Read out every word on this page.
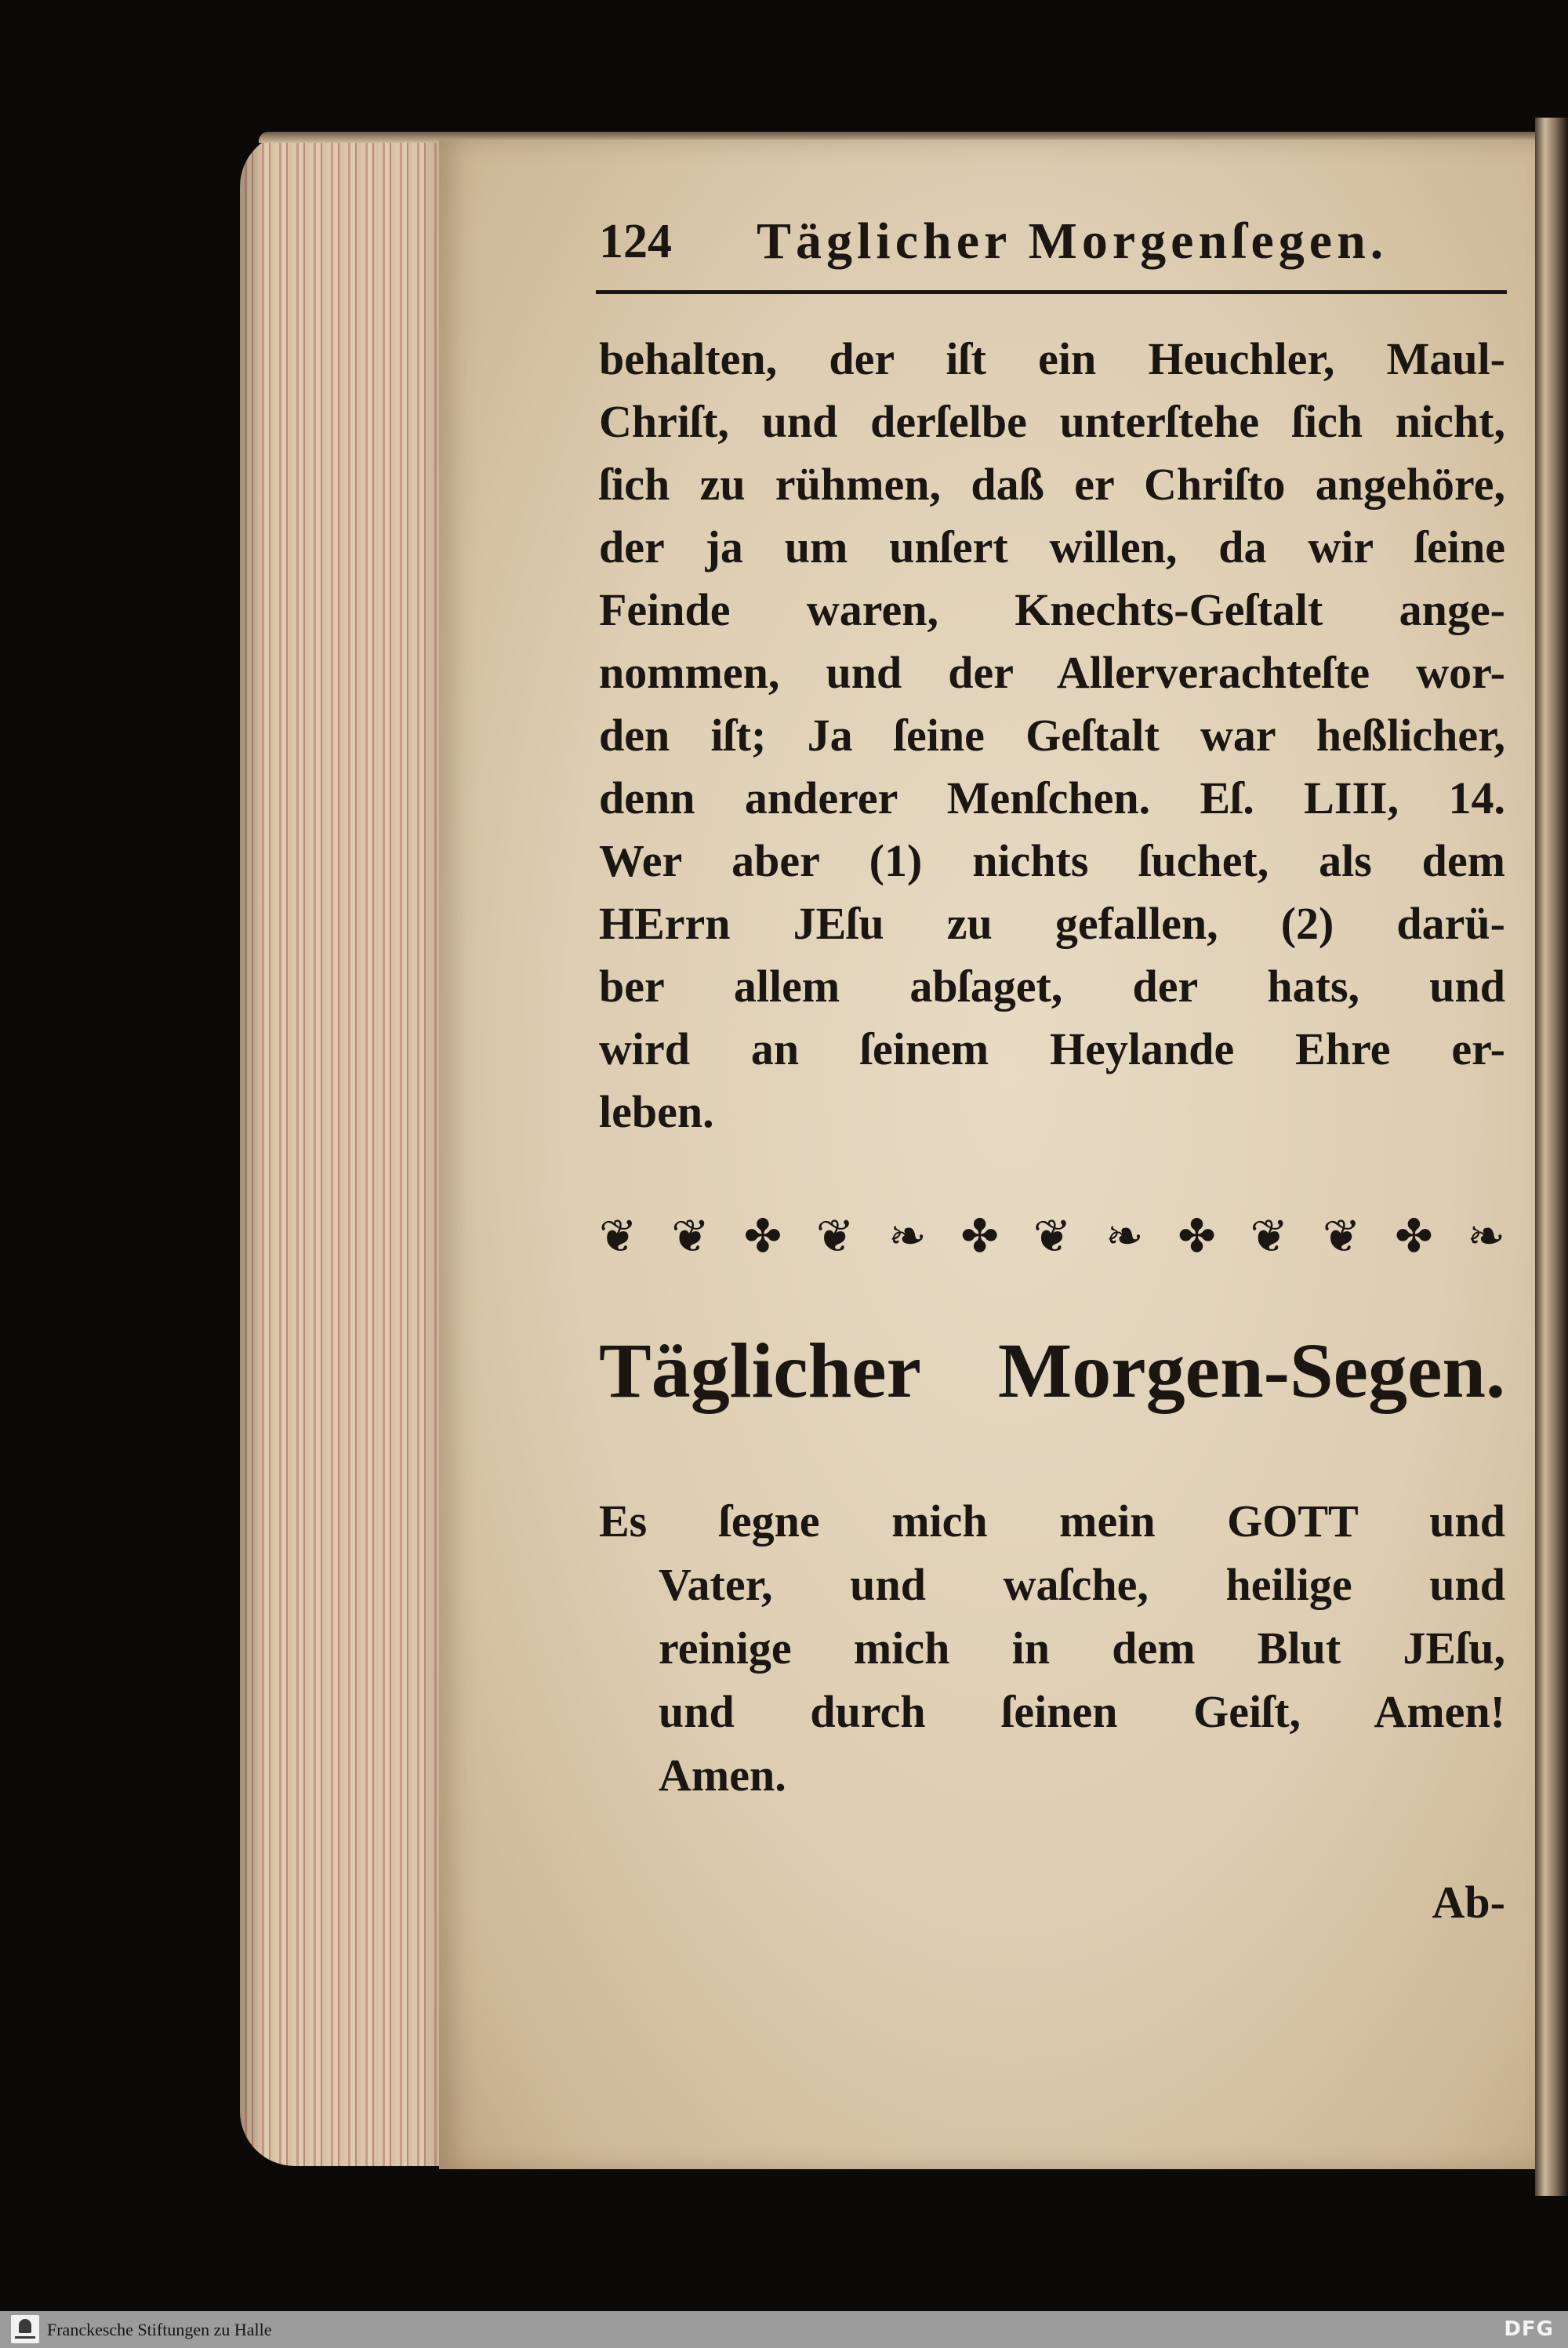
124 Täglicher Morgenſegen.
behalten, der iſt ein Heuchler, Maul-
Chriſt, und derſelbe unterſtehe ſich nicht,
ſich zu rühmen, daß er Chriſto angehöre,
der ja um unſert willen, da wir ſeine
Feinde waren, Knechts-Geſtalt ange-
nommen, und der Allerverachteſte wor-
den iſt; Ja ſeine Geſtalt war heßlicher,
denn anderer Menſchen. Eſ. LIII, 14.
Wer aber (1) nichts ſuchet, als dem
HErrn JEſu zu gefallen, (2) darü-
ber allem abſaget, der hats, und
wird an ſeinem Heylande Ehre er-
leben.
❦
❦
✤
❦
❧
✤
❦
❧
✤
❦
❦
✤
❧
Täglicher Morgen-Segen.
Es ſegne mich mein GOTT und
Vater, und waſche, heilige und
reinige mich in dem Blut JEſu,
und durch ſeinen Geiſt, Amen!
Amen.
Ab-
Franckesche Stiftungen zu Halle	DFG
